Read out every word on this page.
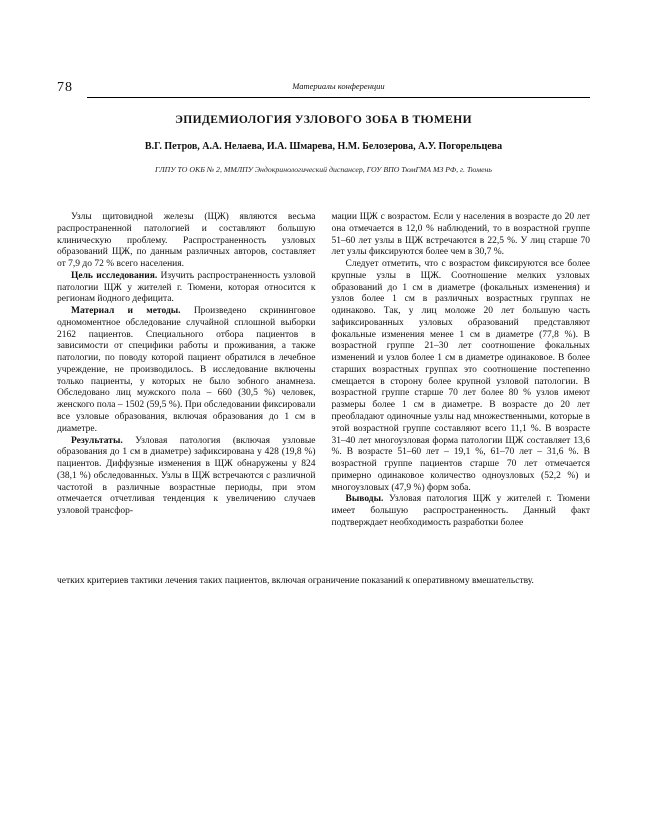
78	Материалы конференции
ЭПИДЕМИОЛОГИЯ УЗЛОВОГО ЗОБА В ТЮМЕНИ
В.Г. Петров, А.А. Нелаева, И.А. Шмарева, Н.М. Белозерова, А.У. Погорельцева
ГЛПУ ТО ОКБ № 2, ММЛПУ Эндокринологический диспансер, ГОУ ВПО ТюмГМА МЗ РФ, г. Тюмень

Узлы щитовидной железы (ЩЖ) являются весьма распространенной патологией и составляют большую клиническую проблему. Распространенность узловых образований ЩЖ, по данным различных авторов, составляет от 7,9 до 72 % всего населения.

Цель исследования. Изучить распространенность узловой патологии ЩЖ у жителей г. Тюмени, которая относится к регионам йодного дефицита.

Материал и методы. Произведено скрининговое одномоментное обследование случайной сплошной выборки 2162 пациентов. Специального отбора пациентов в зависимости от специфики работы и проживания, а также патологии, по поводу которой пациент обратился в лечебное учреждение, не производилось. В исследование включены только пациенты, у которых не было зобного анамнеза. Обследовано лиц мужского пола – 660 (30,5 %) человек, женского пола – 1502 (59,5 %). При обследовании фиксировали все узловые образования, включая образования до 1 см в диаметре.

Результаты. Узловая патология (включая узловые образования до 1 см в диаметре) зафиксирована у 428 (19,8 %) пациентов. Диффузные изменения в ЩЖ обнаружены у 824 (38,1 %) обследованных. Узлы в ЩЖ встречаются с различной частотой в различные возрастные периоды, при этом отмечается отчетливая тенденция к увеличению случаев узловой трансфор-

мации ЩЖ с возрастом. Если у населения в возрасте до 20 лет она отмечается в 12,0 % наблюдений, то в возрастной группе 51–60 лет узлы в ЩЖ встречаются в 22,5 %. У лиц старше 70 лет узлы фиксируются более чем в 30,7 %.

Следует отметить, что с возрастом фиксируются все более крупные узлы в ЩЖ. Соотношение мелких узловых образований до 1 см в диаметре (фокальных изменения) и узлов более 1 см в различных возрастных группах не одинаково. Так, у лиц моложе 20 лет большую часть зафиксированных узловых образований представляют фокальные изменения менее 1 см в диаметре (77,8 %). В возрастной группе 21–30 лет соотношение фокальных изменений и узлов более 1 см в диаметре одинаковое. В более старших возрастных группах это соотношение постепенно смещается в сторону более крупной узловой патологии. В возрастной группе старше 70 лет более 80 % узлов имеют размеры более 1 см в диаметре. В возрасте до 20 лет преобладают одиночные узлы над множественными, которые в этой возрастной группе составляют всего 11,1 %. В возрасте 31–40 лет многоузловая форма патологии ЩЖ составляет 13,6 %. В возрасте 51–60 лет – 19,1 %, 61–70 лет – 31,6 %. В возрастной группе пациентов старше 70 лет отмечается примерно одинаковое количество одноузловых (52,2 %) и многоузловых (47,9 %) форм зоба.

Выводы. Узловая патология ЩЖ у жителей г. Тюмени имеет большую распространенность. Данный факт подтверждает необходимость разработки более

четких критериев тактики лечения таких пациентов, включая ограничение показаний к оперативному вмешательству.
